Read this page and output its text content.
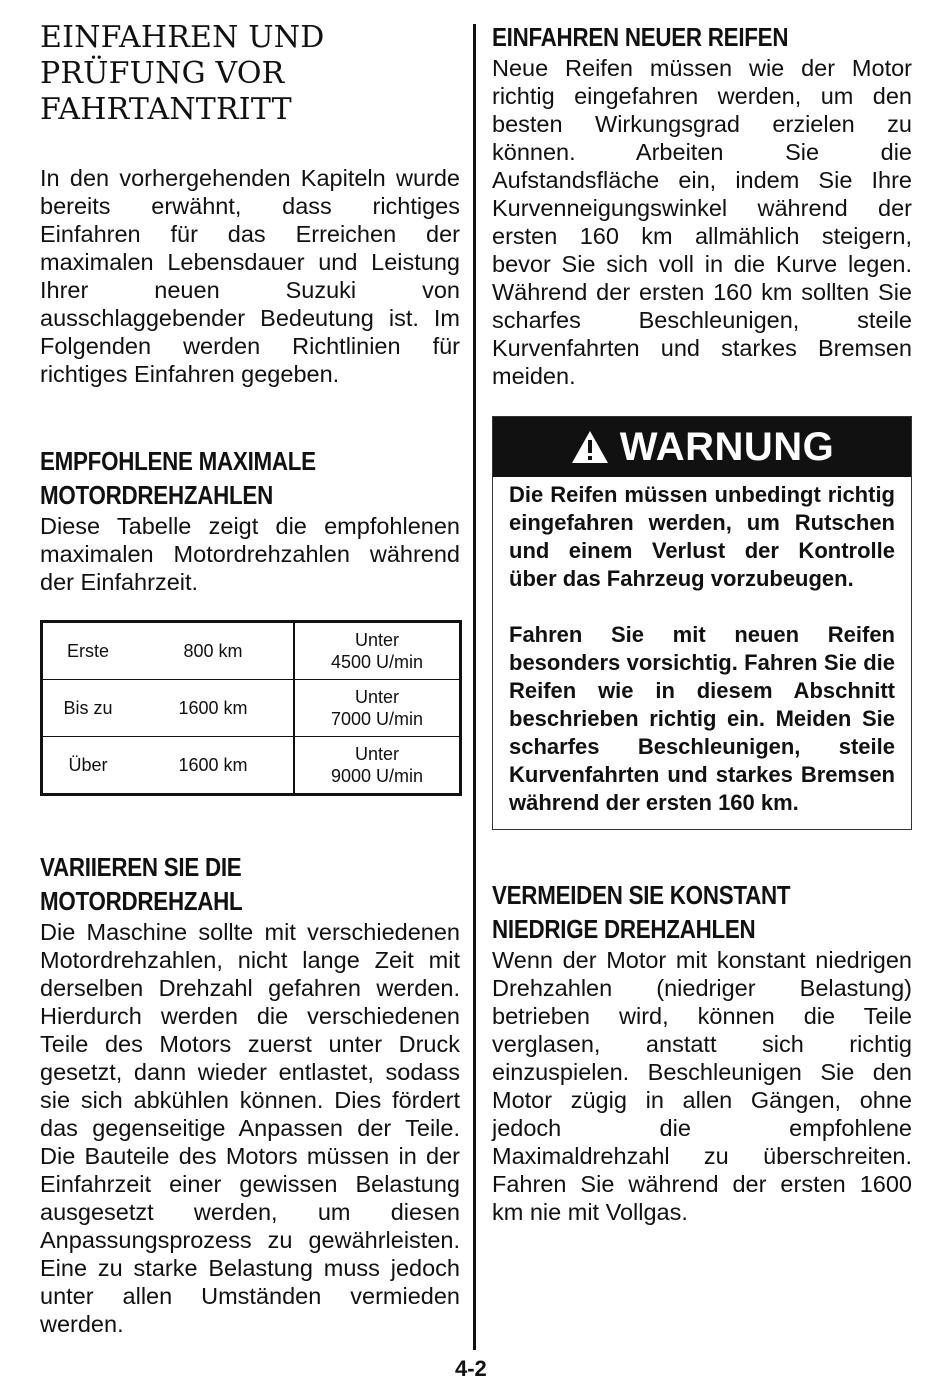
EINFAHREN UND PRÜFUNG VOR FAHRTANTRITT

In den vorhergehenden Kapiteln wurde bereits erwähnt, dass richtiges Einfahren für das Erreichen der maximalen Lebensdauer und Leistung Ihrer neuen Suzuki von ausschlaggebender Bedeutung ist. Im Folgenden werden Richtlinien für richtiges Einfahren gegeben.

EMPFOHLENE MAXIMALE
MOTORDREHZAHLEN

Diese Tabelle zeigt die empfohlenen maximalen Motordrehzahlen während der Einfahrzeit.

Erste	800 km	Unter
4500 U/min

Bis zu	1600 km	Unter
7000 U/min

Über	1600 km	Unter
9000 U/min
VARIIEREN SIE DIE
MOTORDREHZAHL

Die Maschine sollte mit verschiedenen Motordrehzahlen, nicht lange Zeit mit derselben Drehzahl gefahren werden. Hierdurch werden die verschiedenen Teile des Motors zuerst unter Druck gesetzt, dann wieder entlastet, sodass sie sich abkühlen können. Dies fördert das gegenseitige Anpassen der Teile. Die Bauteile des Motors müssen in der Einfahrzeit einer gewissen Belastung ausgesetzt werden, um diesen Anpassungsprozess zu gewährleisten. Eine zu starke Belastung muss jedoch unter allen Umständen vermieden werden.

EINFAHREN NEUER REIFEN

Neue Reifen müssen wie der Motor richtig eingefahren werden, um den besten Wirkungsgrad erzielen zu können. Arbeiten Sie die Aufstandsfläche ein, indem Sie Ihre Kurvenneigungswinkel während der ersten 160 km allmählich steigern, bevor Sie sich voll in die Kurve legen. Während der ersten 160 km sollten Sie scharfes Beschleunigen, steile Kurvenfahrten und starkes Bremsen meiden.

WARNUNG

Die Reifen müssen unbedingt richtig eingefahren werden, um Rutschen und einem Verlust der Kontrolle über das Fahrzeug vorzubeugen.

Fahren Sie mit neuen Reifen besonders vorsichtig. Fahren Sie die Reifen wie in diesem Abschnitt beschrieben richtig ein. Meiden Sie scharfes Beschleunigen, steile Kurvenfahrten und starkes Bremsen während der ersten 160 km.

VERMEIDEN SIE KONSTANT
NIEDRIGE DREHZAHLEN

Wenn der Motor mit konstant niedrigen Drehzahlen (niedriger Belastung) betrieben wird, können die Teile verglasen, anstatt sich richtig einzuspielen. Beschleunigen Sie den Motor zügig in allen Gängen, ohne jedoch die empfohlene Maximaldrehzahl zu überschreiten. Fahren Sie während der ersten 1600 km nie mit Vollgas.

4-2
